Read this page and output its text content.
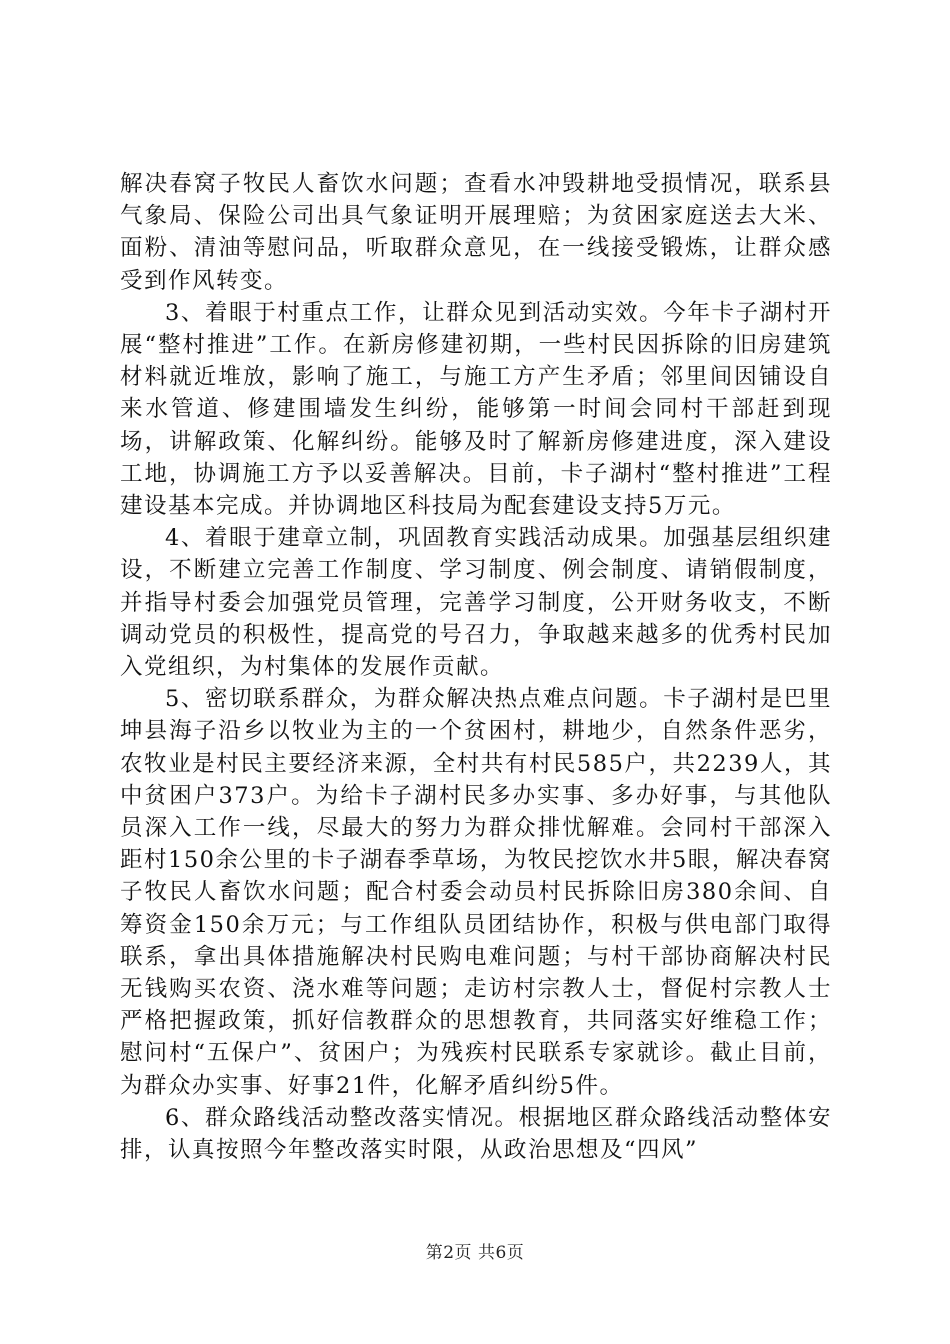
解决春窝子牧民人畜饮水问题；查看水冲毁耕地受损情况，联系县气象局、保险公司出具气象证明开展理赔；为贫困家庭送去大米、面粉、清油等慰问品，听取群众意见，在一线接受锻炼，让群众感受到作风转变。

3、着眼于村重点工作，让群众见到活动实效。今年卡子湖村开展“整村推进”工作。在新房修建初期，一些村民因拆除的旧房建筑材料就近堆放，影响了施工，与施工方产生矛盾；邻里间因铺设自来水管道、修建围墙发生纠纷，能够第一时间会同村干部赶到现场，讲解政策、化解纠纷。能够及时了解新房修建进度，深入建设工地，协调施工方予以妥善解决。目前，卡子湖村“整村推进”工程建设基本完成。并协调地区科技局为配套建设支持5万元。

4、着眼于建章立制，巩固教育实践活动成果。加强基层组织建设，不断建立完善工作制度、学习制度、例会制度、请销假制度，并指导村委会加强党员管理，完善学习制度，公开财务收支，不断调动党员的积极性，提高党的号召力，争取越来越多的优秀村民加入党组织，为村集体的发展作贡献。

5、密切联系群众，为群众解决热点难点问题。卡子湖村是巴里坤县海子沿乡以牧业为主的一个贫困村，耕地少，自然条件恶劣，农牧业是村民主要经济来源，全村共有村民585户，共2239人，其中贫困户373户。为给卡子湖村民多办实事、多办好事，与其他队员深入工作一线，尽最大的努力为群众排忧解难。会同村干部深入距村150余公里的卡子湖春季草场，为牧民挖饮水井5眼，解决春窝子牧民人畜饮水问题；配合村委会动员村民拆除旧房380余间、自筹资金150余万元；与工作组队员团结协作，积极与供电部门取得联系，拿出具体措施解决村民购电难问题；与村干部协商解决村民无钱购买农资、浇水难等问题；走访村宗教人士，督促村宗教人士严格把握政策，抓好信教群众的思想教育，共同落实好维稳工作；慰问村“五保户”、贫困户；为残疾村民联系专家就诊。截止目前，为群众办实事、好事21件，化解矛盾纠纷5件。

6、群众路线活动整改落实情况。根据地区群众路线活动整体安排，认真按照今年整改落实时限，从政治思想及“四风”

第2页 共6页
